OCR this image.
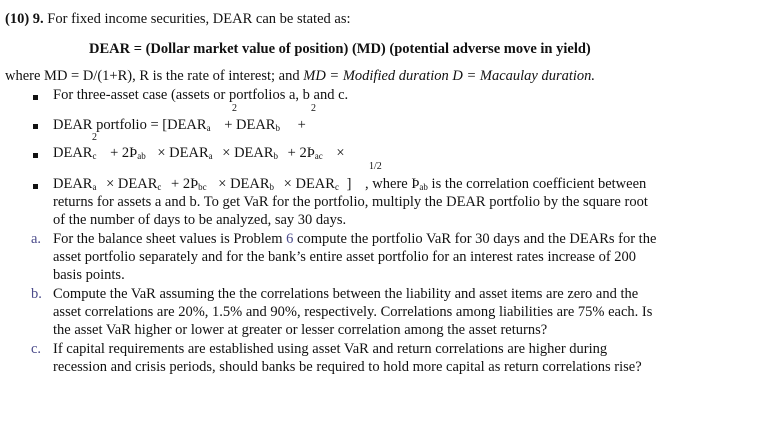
(10) 9. For fixed income securities, DEAR can be stated as:
DEAR = (Dollar market value of position) (MD) (potential adverse move in yield)
where MD = D/(1+R), R is the rate of interest; and MD = Modified duration D = Macaulay duration.
For three-asset case (assets or portfolios a, b and c.
2	2
DEAR portfolio = [$DEAR_a$ + $DEAR_b$ +
2
$DEAR_c$ + $2Þ_{ab}$ × $DEAR_a$ × $DEAR_b$ + $2Þ_{ac}$ ×
1/2
$DEAR_a$ × $DEAR_c$ + $2Þ_{bc}$ × $DEAR_b$ × $DEAR_c$ ] , where $Þ_{ab}$ is the correlation coefficient between
returns for assets a and b. To get VaR for the portfolio, multiply the DEAR portfolio by the square root
of the number of days to be analyzed, say 30 days.
a. For the balance sheet values is Problem 6 compute the portfolio VaR for 30 days and the DEARs for the
asset portfolio separately and for the bank’s entire asset portfolio for an interest rates increase of 200
basis points.
b. Compute the VaR assuming the the correlations between the liability and asset items are zero and the
asset correlations are 20%, 1.5% and 90%, respectively. Correlations among liabilities are 75% each. Is
the asset VaR higher or lower at greater or lesser correlation among the asset returns?
c. If capital requirements are established using asset VaR and return correlations are higher during
recession and crisis periods, should banks be required to hold more capital as return correlations rise?
